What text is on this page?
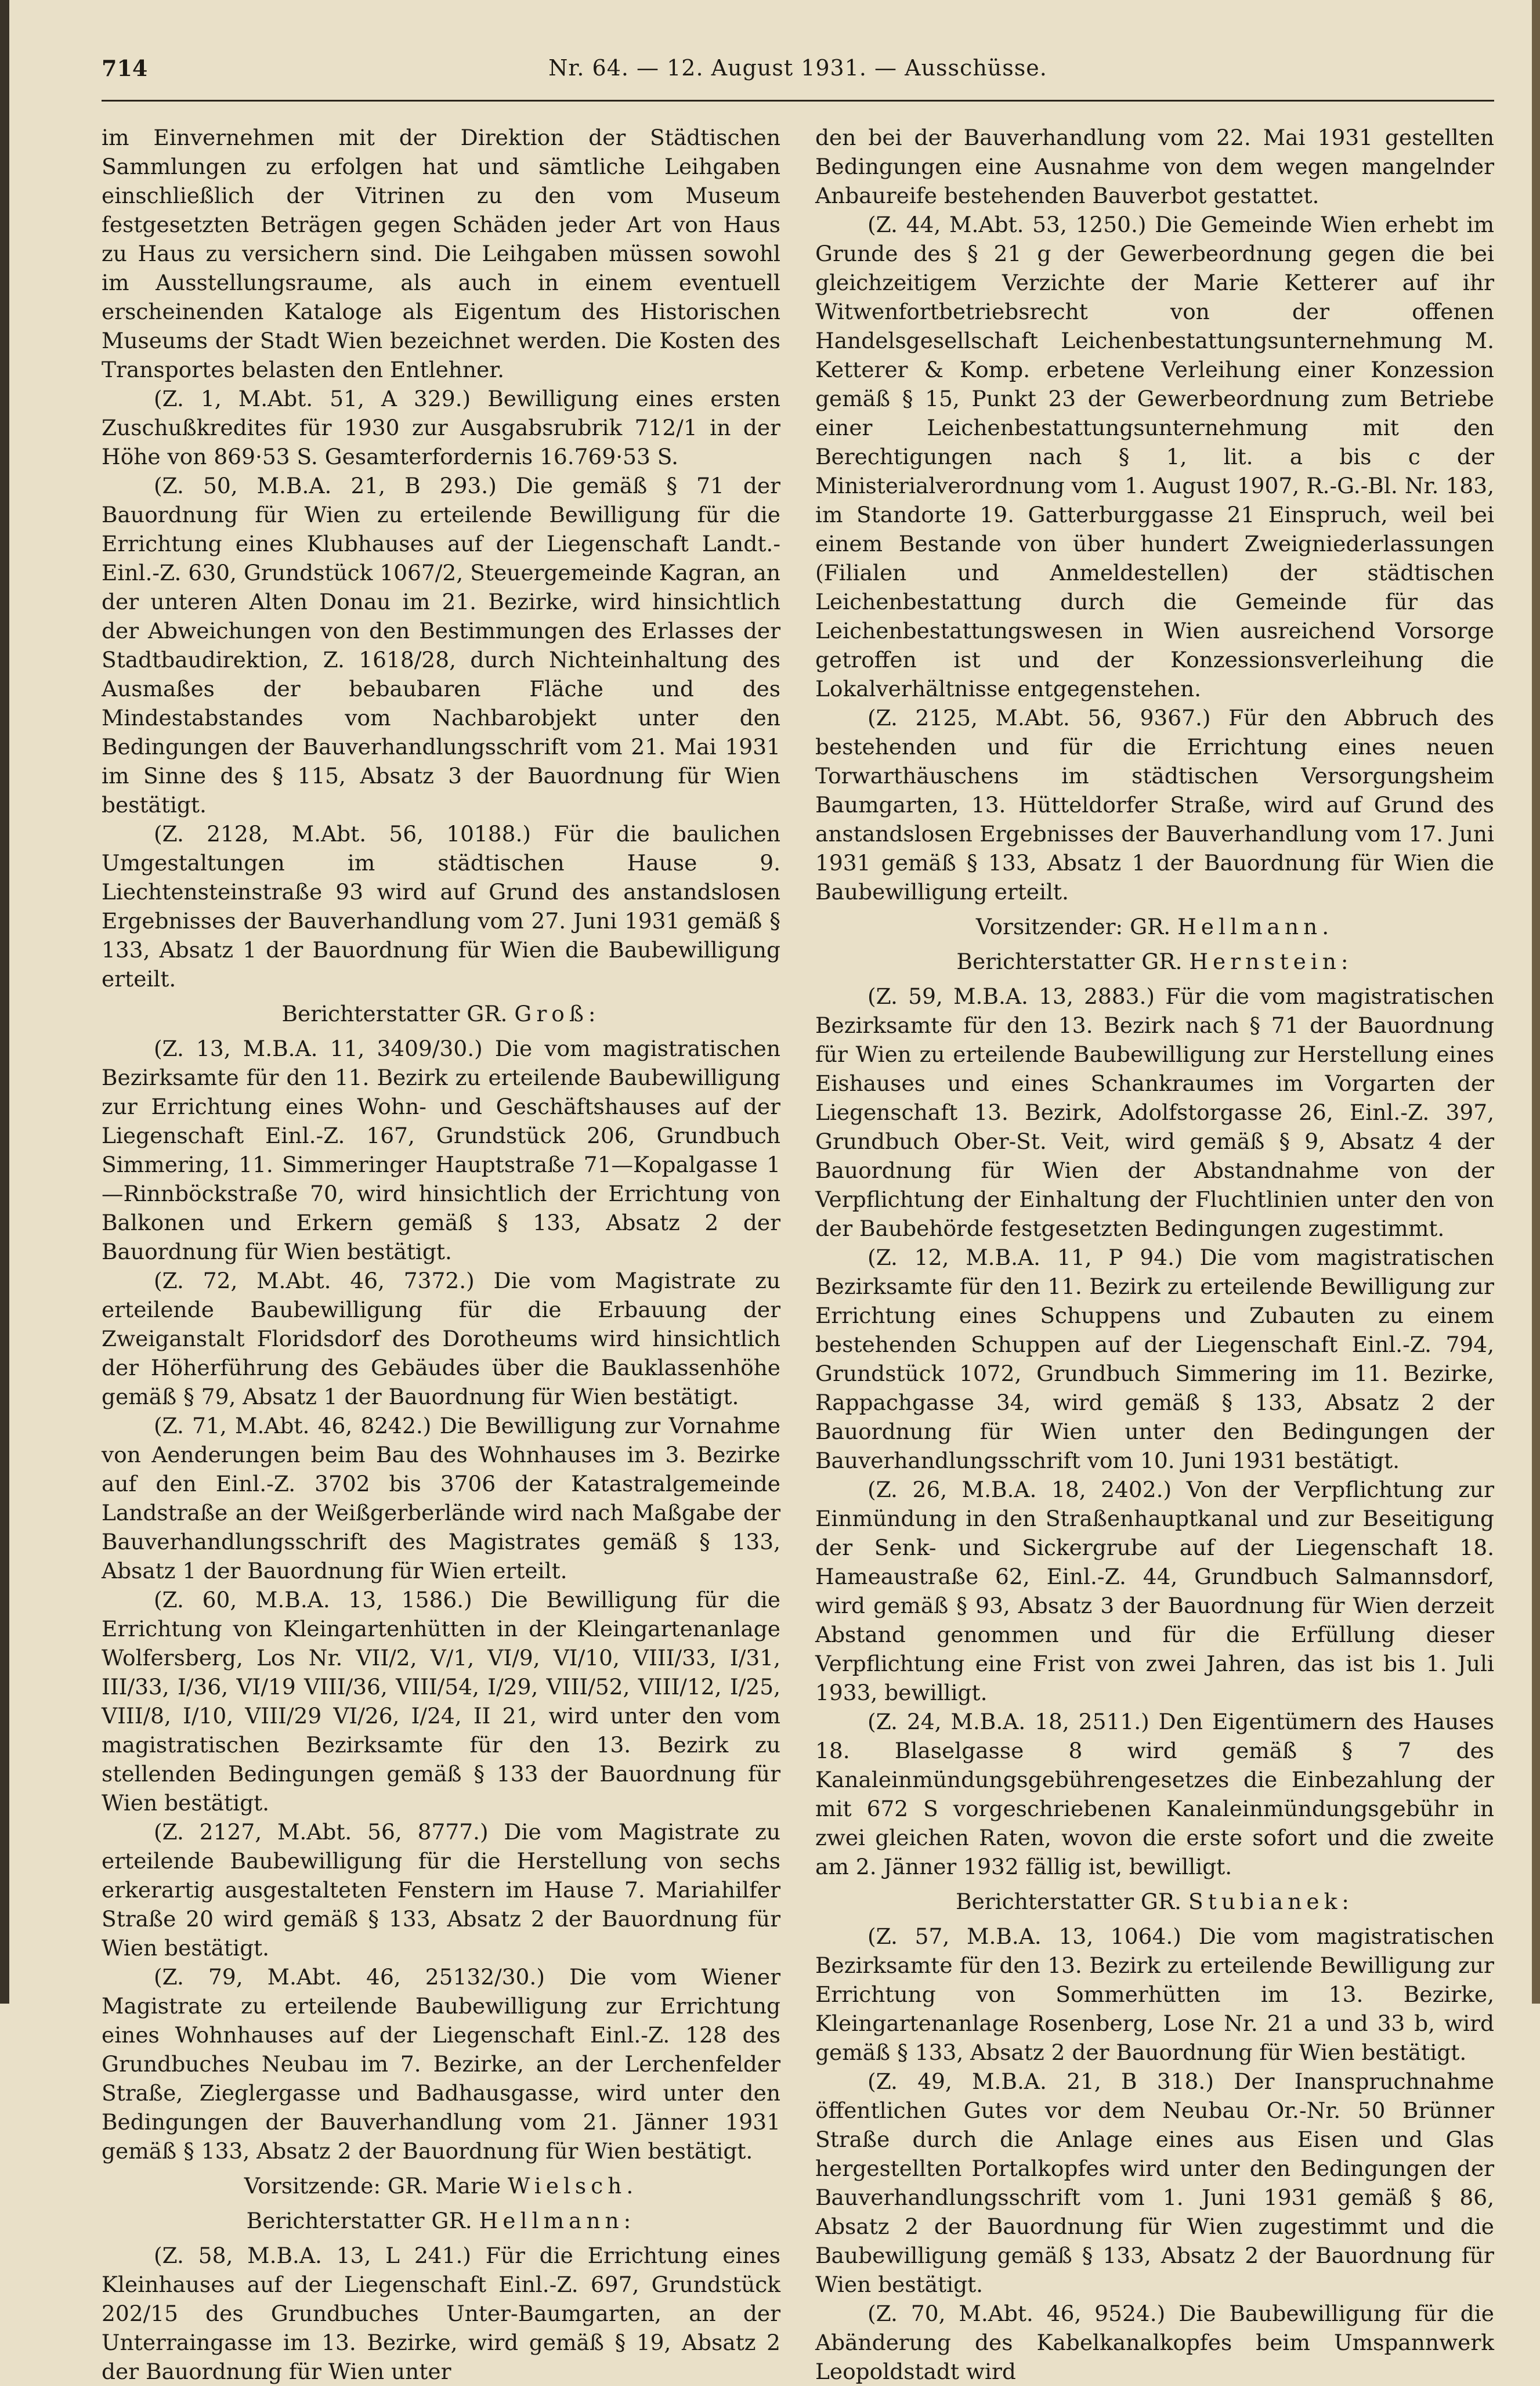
714	Nr. 64. — 12. August 1931. — Ausschüsse.

im Einvernehmen mit der Direktion der Städtischen Sammlungen zu erfolgen hat und sämtliche Leihgaben einschließlich der Vitrinen zu den vom Museum festgesetzten Beträgen gegen Schäden jeder Art von Haus zu Haus zu versichern sind. Die Leihgaben müssen sowohl im Ausstellungsraume, als auch in einem eventuell erscheinenden Kataloge als Eigentum des Historischen Museums der Stadt Wien bezeichnet werden. Die Kosten des Transportes belasten den Entlehner.

(Z. 1, M.Abt. 51, A 329.) Bewilligung eines ersten Zuschußkredites für 1930 zur Ausgabsrubrik 712/1 in der Höhe von 869·53 S. Gesamterfordernis 16.769·53 S.

(Z. 50, M.B.A. 21, B 293.) Die gemäß § 71 der Bauordnung für Wien zu erteilende Bewilligung für die Errichtung eines Klubhauses auf der Liegenschaft Landt.-Einl.-Z. 630, Grundstück 1067/2, Steuergemeinde Kagran, an der unteren Alten Donau im 21. Bezirke, wird hinsichtlich der Abweichungen von den Bestimmungen des Erlasses der Stadtbaudirektion, Z. 1618/28, durch Nichteinhaltung des Ausmaßes der bebaubaren Fläche und des Mindestabstandes vom Nachbarobjekt unter den Bedingungen der Bauverhandlungsschrift vom 21. Mai 1931 im Sinne des § 115, Absatz 3 der Bauordnung für Wien bestätigt.

(Z. 2128, M.Abt. 56, 10188.) Für die baulichen Umgestaltungen im städtischen Hause 9. Liechtensteinstraße 93 wird auf Grund des anstandslosen Ergebnisses der Bauverhandlung vom 27. Juni 1931 gemäß § 133, Absatz 1 der Bauordnung für Wien die Baubewilligung erteilt.

Berichterstatter GR. Groß:

(Z. 13, M.B.A. 11, 3409/30.) Die vom magistratischen Bezirksamte für den 11. Bezirk zu erteilende Baubewilligung zur Errichtung eines Wohn- und Geschäftshauses auf der Liegenschaft Einl.-Z. 167, Grundstück 206, Grundbuch Simmering, 11. Simmeringer Hauptstraße 71—Kopalgasse 1—Rinnböckstraße 70, wird hinsichtlich der Errichtung von Balkonen und Erkern gemäß § 133, Absatz 2 der Bauordnung für Wien bestätigt.

(Z. 72, M.Abt. 46, 7372.) Die vom Magistrate zu erteilende Baubewilligung für die Erbauung der Zweiganstalt Floridsdorf des Dorotheums wird hinsichtlich der Höherführung des Gebäudes über die Bauklassenhöhe gemäß § 79, Absatz 1 der Bauordnung für Wien bestätigt.

(Z. 71, M.Abt. 46, 8242.) Die Bewilligung zur Vornahme von Aenderungen beim Bau des Wohnhauses im 3. Bezirke auf den Einl.-Z. 3702 bis 3706 der Katastralgemeinde Landstraße an der Weißgerberlände wird nach Maßgabe der Bauverhandlungsschrift des Magistrates gemäß § 133, Absatz 1 der Bauordnung für Wien erteilt.

(Z. 60, M.B.A. 13, 1586.) Die Bewilligung für die Errichtung von Kleingartenhütten in der Kleingartenanlage Wolfersberg, Los Nr. VII/2, V/1, VI/9, VI/10, VIII/33, I/31, III/33, I/36, VI/19 VIII/36, VIII/54, I/29, VIII/52, VIII/12, I/25, VIII/8, I/10, VIII/29 VI/26, I/24, II 21, wird unter den vom magistratischen Bezirksamte für den 13. Bezirk zu stellenden Bedingungen gemäß § 133 der Bauordnung für Wien bestätigt.

(Z. 2127, M.Abt. 56, 8777.) Die vom Magistrate zu erteilende Baubewilligung für die Herstellung von sechs erkerartig ausgestalteten Fenstern im Hause 7. Mariahilfer Straße 20 wird gemäß § 133, Absatz 2 der Bauordnung für Wien bestätigt.

(Z. 79, M.Abt. 46, 25132/30.) Die vom Wiener Magistrate zu erteilende Baubewilligung zur Errichtung eines Wohnhauses auf der Liegenschaft Einl.-Z. 128 des Grundbuches Neubau im 7. Bezirke, an der Lerchenfelder Straße, Zieglergasse und Badhausgasse, wird unter den Bedingungen der Bauverhandlung vom 21. Jänner 1931 gemäß § 133, Absatz 2 der Bauordnung für Wien bestätigt.

Vorsitzende: GR. Marie Wielsch.
Berichterstatter GR. Hellmann:

(Z. 58, M.B.A. 13, L 241.) Für die Errichtung eines Kleinhauses auf der Liegenschaft Einl.-Z. 697, Grundstück 202/15 des Grundbuches Unter-Baumgarten, an der Unterraingasse im 13. Bezirke, wird gemäß § 19, Absatz 2 der Bauordnung für Wien unter

den bei der Bauverhandlung vom 22. Mai 1931 gestellten Bedingungen eine Ausnahme von dem wegen mangelnder Anbaureife bestehenden Bauverbot gestattet.

(Z. 44, M.Abt. 53, 1250.) Die Gemeinde Wien erhebt im Grunde des § 21 g der Gewerbeordnung gegen die bei gleichzeitigem Verzichte der Marie Ketterer auf ihr Witwenfortbetriebsrecht von der offenen Handelsgesellschaft Leichenbestattungsunternehmung M. Ketterer & Komp. erbetene Verleihung einer Konzession gemäß § 15, Punkt 23 der Gewerbeordnung zum Betriebe einer Leichenbestattungsunternehmung mit den Berechtigungen nach § 1, lit. a bis c der Ministerialverordnung vom 1. August 1907, R.-G.-Bl. Nr. 183, im Standorte 19. Gatterburggasse 21 Einspruch, weil bei einem Bestande von über hundert Zweigniederlassungen (Filialen und Anmeldestellen) der städtischen Leichenbestattung durch die Gemeinde für das Leichenbestattungswesen in Wien ausreichend Vorsorge getroffen ist und der Konzessionsverleihung die Lokalverhältnisse entgegenstehen.

(Z. 2125, M.Abt. 56, 9367.) Für den Abbruch des bestehenden und für die Errichtung eines neuen Torwarthäuschens im städtischen Versorgungsheim Baumgarten, 13. Hütteldorfer Straße, wird auf Grund des anstandslosen Ergebnisses der Bauverhandlung vom 17. Juni 1931 gemäß § 133, Absatz 1 der Bauordnung für Wien die Baubewilligung erteilt.

Vorsitzender: GR. Hellmann.
Berichterstatter GR. Hernstein:

(Z. 59, M.B.A. 13, 2883.) Für die vom magistratischen Bezirksamte für den 13. Bezirk nach § 71 der Bauordnung für Wien zu erteilende Baubewilligung zur Herstellung eines Eishauses und eines Schankraumes im Vorgarten der Liegenschaft 13. Bezirk, Adolfstorgasse 26, Einl.-Z. 397, Grundbuch Ober-St. Veit, wird gemäß § 9, Absatz 4 der Bauordnung für Wien der Abstandnahme von der Verpflichtung der Einhaltung der Fluchtlinien unter den von der Baubehörde festgesetzten Bedingungen zugestimmt.

(Z. 12, M.B.A. 11, P 94.) Die vom magistratischen Bezirksamte für den 11. Bezirk zu erteilende Bewilligung zur Errichtung eines Schuppens und Zubauten zu einem bestehenden Schuppen auf der Liegenschaft Einl.-Z. 794, Grundstück 1072, Grundbuch Simmering im 11. Bezirke, Rappachgasse 34, wird gemäß § 133, Absatz 2 der Bauordnung für Wien unter den Bedingungen der Bauverhandlungsschrift vom 10. Juni 1931 bestätigt.

(Z. 26, M.B.A. 18, 2402.) Von der Verpflichtung zur Einmündung in den Straßenhauptkanal und zur Beseitigung der Senk- und Sickergrube auf der Liegenschaft 18. Hameaustraße 62, Einl.-Z. 44, Grundbuch Salmannsdorf, wird gemäß § 93, Absatz 3 der Bauordnung für Wien derzeit Abstand genommen und für die Erfüllung dieser Verpflichtung eine Frist von zwei Jahren, das ist bis 1. Juli 1933, bewilligt.

(Z. 24, M.B.A. 18, 2511.) Den Eigentümern des Hauses 18. Blaselgasse 8 wird gemäß § 7 des Kanaleinmündungsgebührengesetzes die Einbezahlung der mit 672 S vorgeschriebenen Kanaleinmündungsgebühr in zwei gleichen Raten, wovon die erste sofort und die zweite am 2. Jänner 1932 fällig ist, bewilligt.

Berichterstatter GR. Stubianek:

(Z. 57, M.B.A. 13, 1064.) Die vom magistratischen Bezirksamte für den 13. Bezirk zu erteilende Bewilligung zur Errichtung von Sommerhütten im 13. Bezirke, Kleingartenanlage Rosenberg, Lose Nr. 21 a und 33 b, wird gemäß § 133, Absatz 2 der Bauordnung für Wien bestätigt.

(Z. 49, M.B.A. 21, B 318.) Der Inanspruchnahme öffentlichen Gutes vor dem Neubau Or.-Nr. 50 Brünner Straße durch die Anlage eines aus Eisen und Glas hergestellten Portalkopfes wird unter den Bedingungen der Bauverhandlungsschrift vom 1. Juni 1931 gemäß § 86, Absatz 2 der Bauordnung für Wien zugestimmt und die Baubewilligung gemäß § 133, Absatz 2 der Bauordnung für Wien bestätigt.

(Z. 70, M.Abt. 46, 9524.) Die Baubewilligung für die Abänderung des Kabelkanalkopfes beim Umspannwerk Leopoldstadt wird
